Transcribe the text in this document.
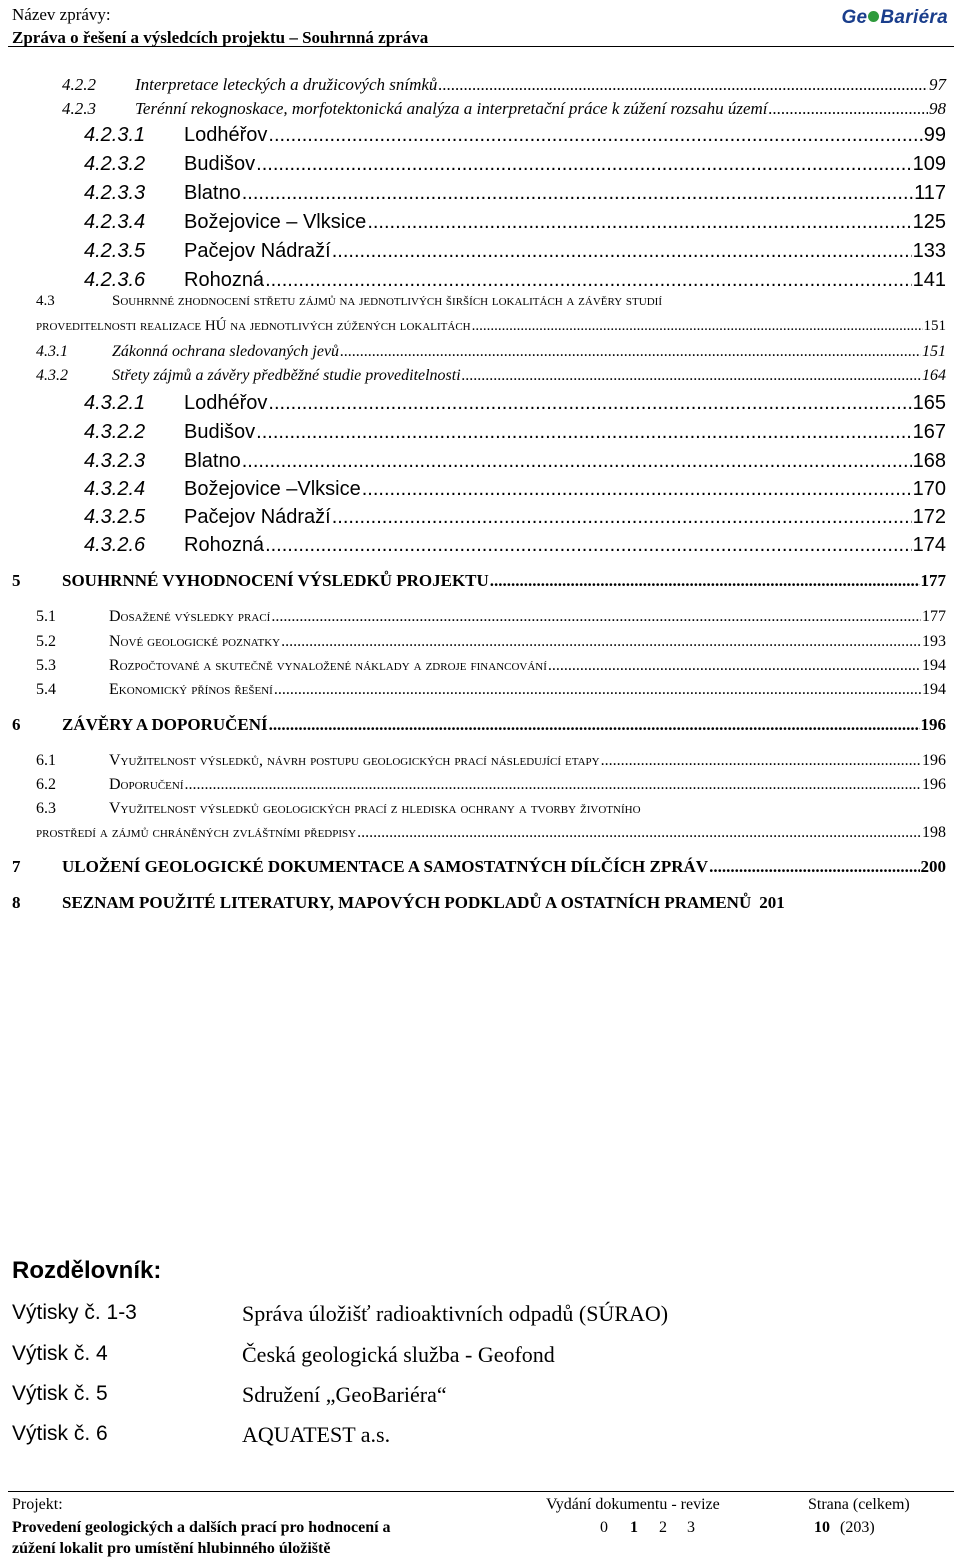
Název zprávy:
Zpráva o řešení a výsledcích projektu – Souhrnná zpráva
Ge Bariéra
4.2.2	Interpretace leteckých a družicových snímků .....	97
4.2.3	Terénní rekognoskace, morfotektonická analýza a interpretační práce k zúžení rozsahu území .....	98
4.2.3.1	Lodhéřov .....	99
4.2.3.2	Budišov .....	109
4.2.3.3	Blatno .....	117
4.2.3.4	Božejovice – Vlksice .....	125
4.2.3.5	Pačejov Nádraží .....	133
4.2.3.6	Rohozná .....	141
4.3	Souhrnné zhodnocení střetu zájmů na jednotlivých širších lokalitách a závěry studií
proveditelnosti realizace HÚ na jednotlivých zúžených lokalitách .....	151
4.3.1	Zákonná ochrana sledovaných jevů .....	151
4.3.2	Střety zájmů a závěry předběžné studie proveditelnosti .....	164
4.3.2.1	Lodhéřov .....	165
4.3.2.2	Budišov .....	167
4.3.2.3	Blatno .....	168
4.3.2.4	Božejovice –Vlksice .....	170
4.3.2.5	Pačejov Nádraží .....	172
4.3.2.6	Rohozná .....	174
5	SOUHRNNÉ VYHODNOCENÍ VÝSLEDKŮ PROJEKTU .....	177
5.1	Dosažené výsledky prací .....	177
5.2	Nové geologické poznatky .....	193
5.3	Rozpočtované a skutečně vynaložené náklady a zdroje financování .....	194
5.4	Ekonomický přínos řešení .....	194
6	ZÁVĚRY A DOPORUČENÍ .....	196
6.1	Využitelnost výsledků, návrh postupu geologických prací následující etapy .....	196
6.2	Doporučení .....	196
6.3	Využitelnost výsledků geologických prací z hlediska ochrany a tvorby životního
prostředí a zájmů chráněných zvláštními předpisy .....	198
7	ULOŽENÍ GEOLOGICKÉ DOKUMENTACE A SAMOSTATNÝCH DÍLČÍCH ZPRÁV .....	200
8	SEZNAM POUŽITÉ LITERATURY, MAPOVÝCH PODKLADŮ A OSTATNÍCH PRAMENŮ 201
Rozdělovník:
Výtisky č. 1-3	Správa úložišť radioaktivních odpadů (SÚRAO)
Výtisk č. 4	Česká geologická služba - Geofond
Výtisk č. 5	Sdružení „GeoBariéra“
Výtisk č. 6	AQUATEST a.s.
Projekt:
Provedení geologických a dalších prací pro hodnocení a
zúžení lokalit pro umístění hlubinného úložiště
Vydání dokumentu - revize
0 1 2 3
Strana (celkem)
10 (203)
